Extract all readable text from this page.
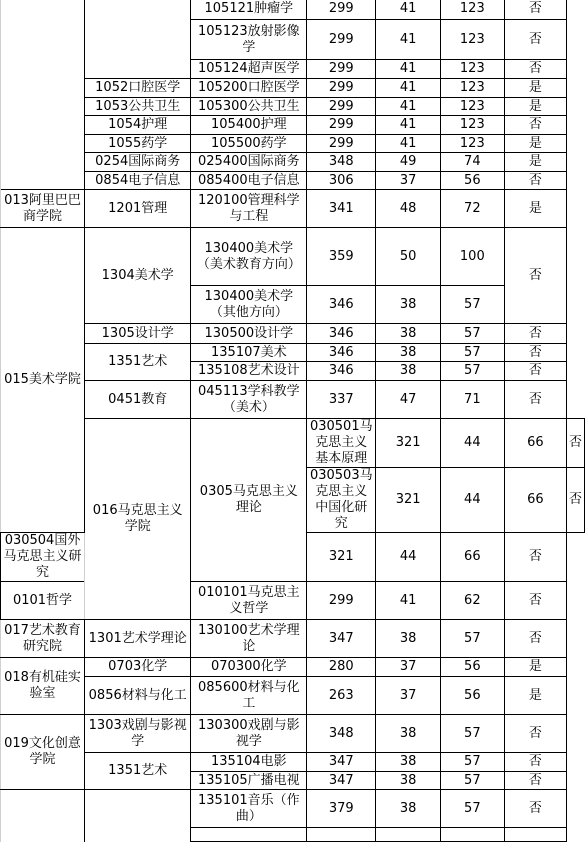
		105121肿瘤学	299	41	123	否	
		105123放射影像学	299	41	123	否	
		105124超声医学	299	41	123	否	
	1052口腔医学	105200口腔医学	299	41	123	是	
	1053公共卫生	105300公共卫生	299	41	123	是	
	1054护理	105400护理	299	41	123	否	
	1055药学	105500药学	299	41	123	是	
	0254国际商务	025400国际商务	348	49	74	是	
	0854电子信息	085400电子信息	306	37	56	否	
013阿里巴巴商学院	1201管理	120100管理科学与工程	341	48	72	是	
015美术学院	1304美术学	130400美术学（美术教育方向）	359	50	100	否	
		130400美术学（其他方向）	346	38	57		
	1305设计学	130500设计学	346	38	57	否	
	1351艺术	135107美术	346	38	57	否	
		135108艺术设计	346	38	57	否	
	0451教育	045113学科教学（美术）	337	47	71	否	
	016马克思主义学院	0305马克思主义理论	030501马克思主义基本原理	321	44	66	否
			030503马克思主义中国化研究	321	44	66	否
030504国外马克思主义研究			321	44	66	否	
0101哲学		010101马克思主义哲学	299	41	62	否	
017艺术教育研究院	1301艺术学理论	130100艺术学理论	347	38	57	否	
018有机硅实验室	0703化学	070300化学	280	37	56	是	
	0856材料与化工	085600材料与化工	263	37	56	是	
019文化创意学院	1303戏剧与影视学	130300戏剧与影视学	348	38	57	否	
	1351艺术	135104电影	347	38	57	否	
		135105广播电视	347	38	57	否	
		135101音乐（作曲）	379	38	57	否	
